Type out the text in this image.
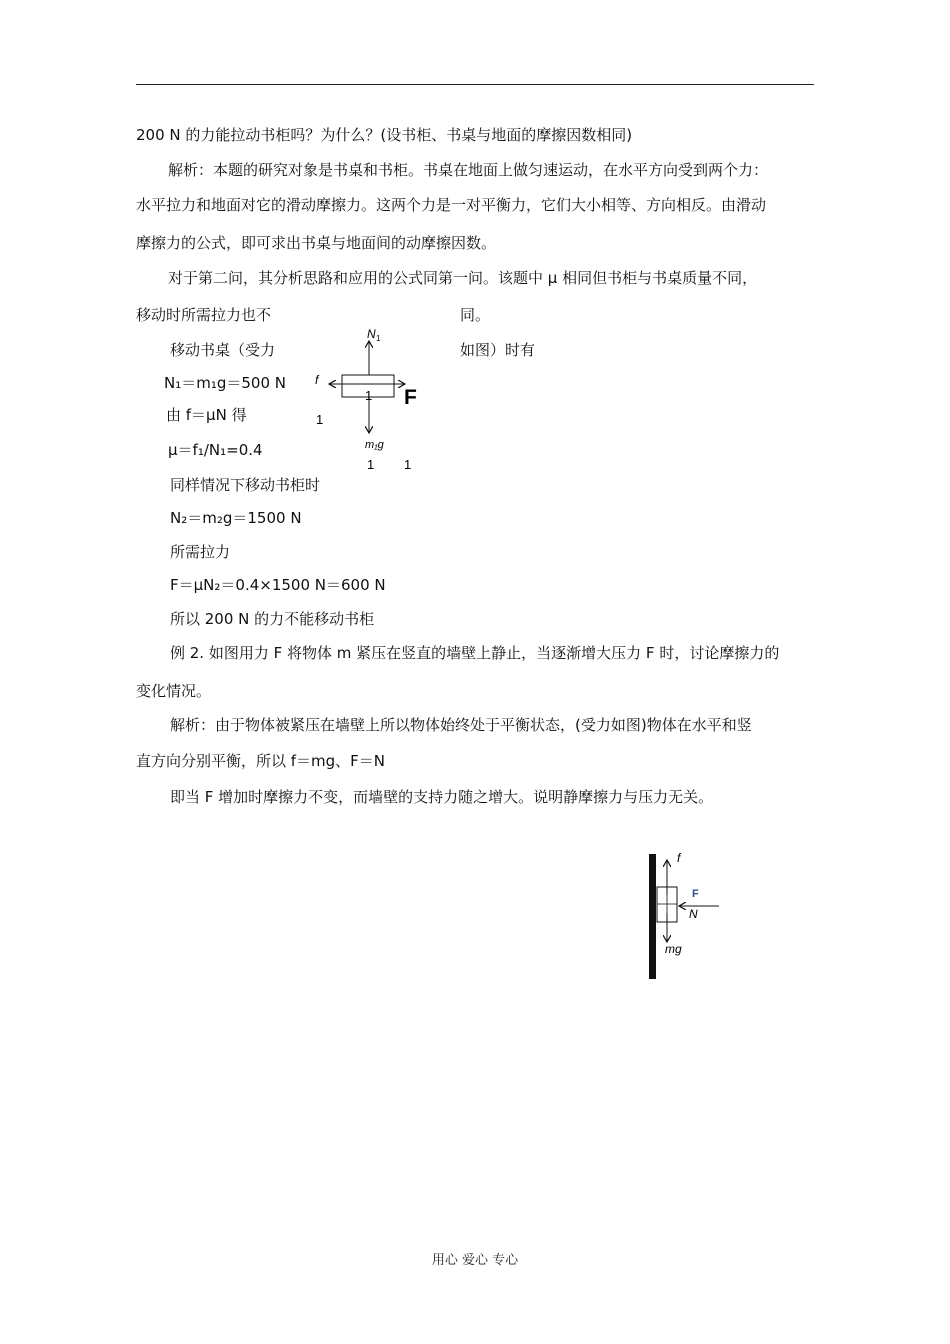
200 N 的力能拉动书柜吗？为什么？(设书柜、书桌与地面的摩擦因数相同)
解析：本题的研究对象是书桌和书柜。书桌在地面上做匀速运动，在水平方向受到两个力：
水平拉力和地面对它的滑动摩擦力。这两个力是一对平衡力，它们大小相等、方向相反。由滑动
摩擦力的公式，即可求出书桌与地面间的动摩擦因数。
对于第二问，其分析思路和应用的公式同第一问。该题中 μ 相同但书柜与书桌质量不同，
移动时所需拉力也不	同。
移动书桌（受力	如图）时有
N₁＝m₁g＝500 N
由 f＝μN 得
μ＝f₁/N₁=0.4
同样情况下移动书柜时
N₂＝m₂g＝1500 N
所需拉力
F＝μN₂＝0.4×1500 N＝600 N
所以 200 N 的力不能移动书柜
例 2. 如图用力 F 将物体 m 紧压在竖直的墙壁上静止，当逐渐增大压力 F 时，讨论摩擦力的
变化情况。
解析：由于物体被紧压在墙壁上所以物体始终处于平衡状态，(受力如图)物体在水平和竖
直方向分别平衡，所以 f＝mg、F＝N
即当 F 增加时摩擦力不变，而墙壁的支持力随之增大。说明静摩擦力与压力无关。
N 1
f
1 F
1
m₁g
1 1
f
F
N
mg
用心 爱心 专心
